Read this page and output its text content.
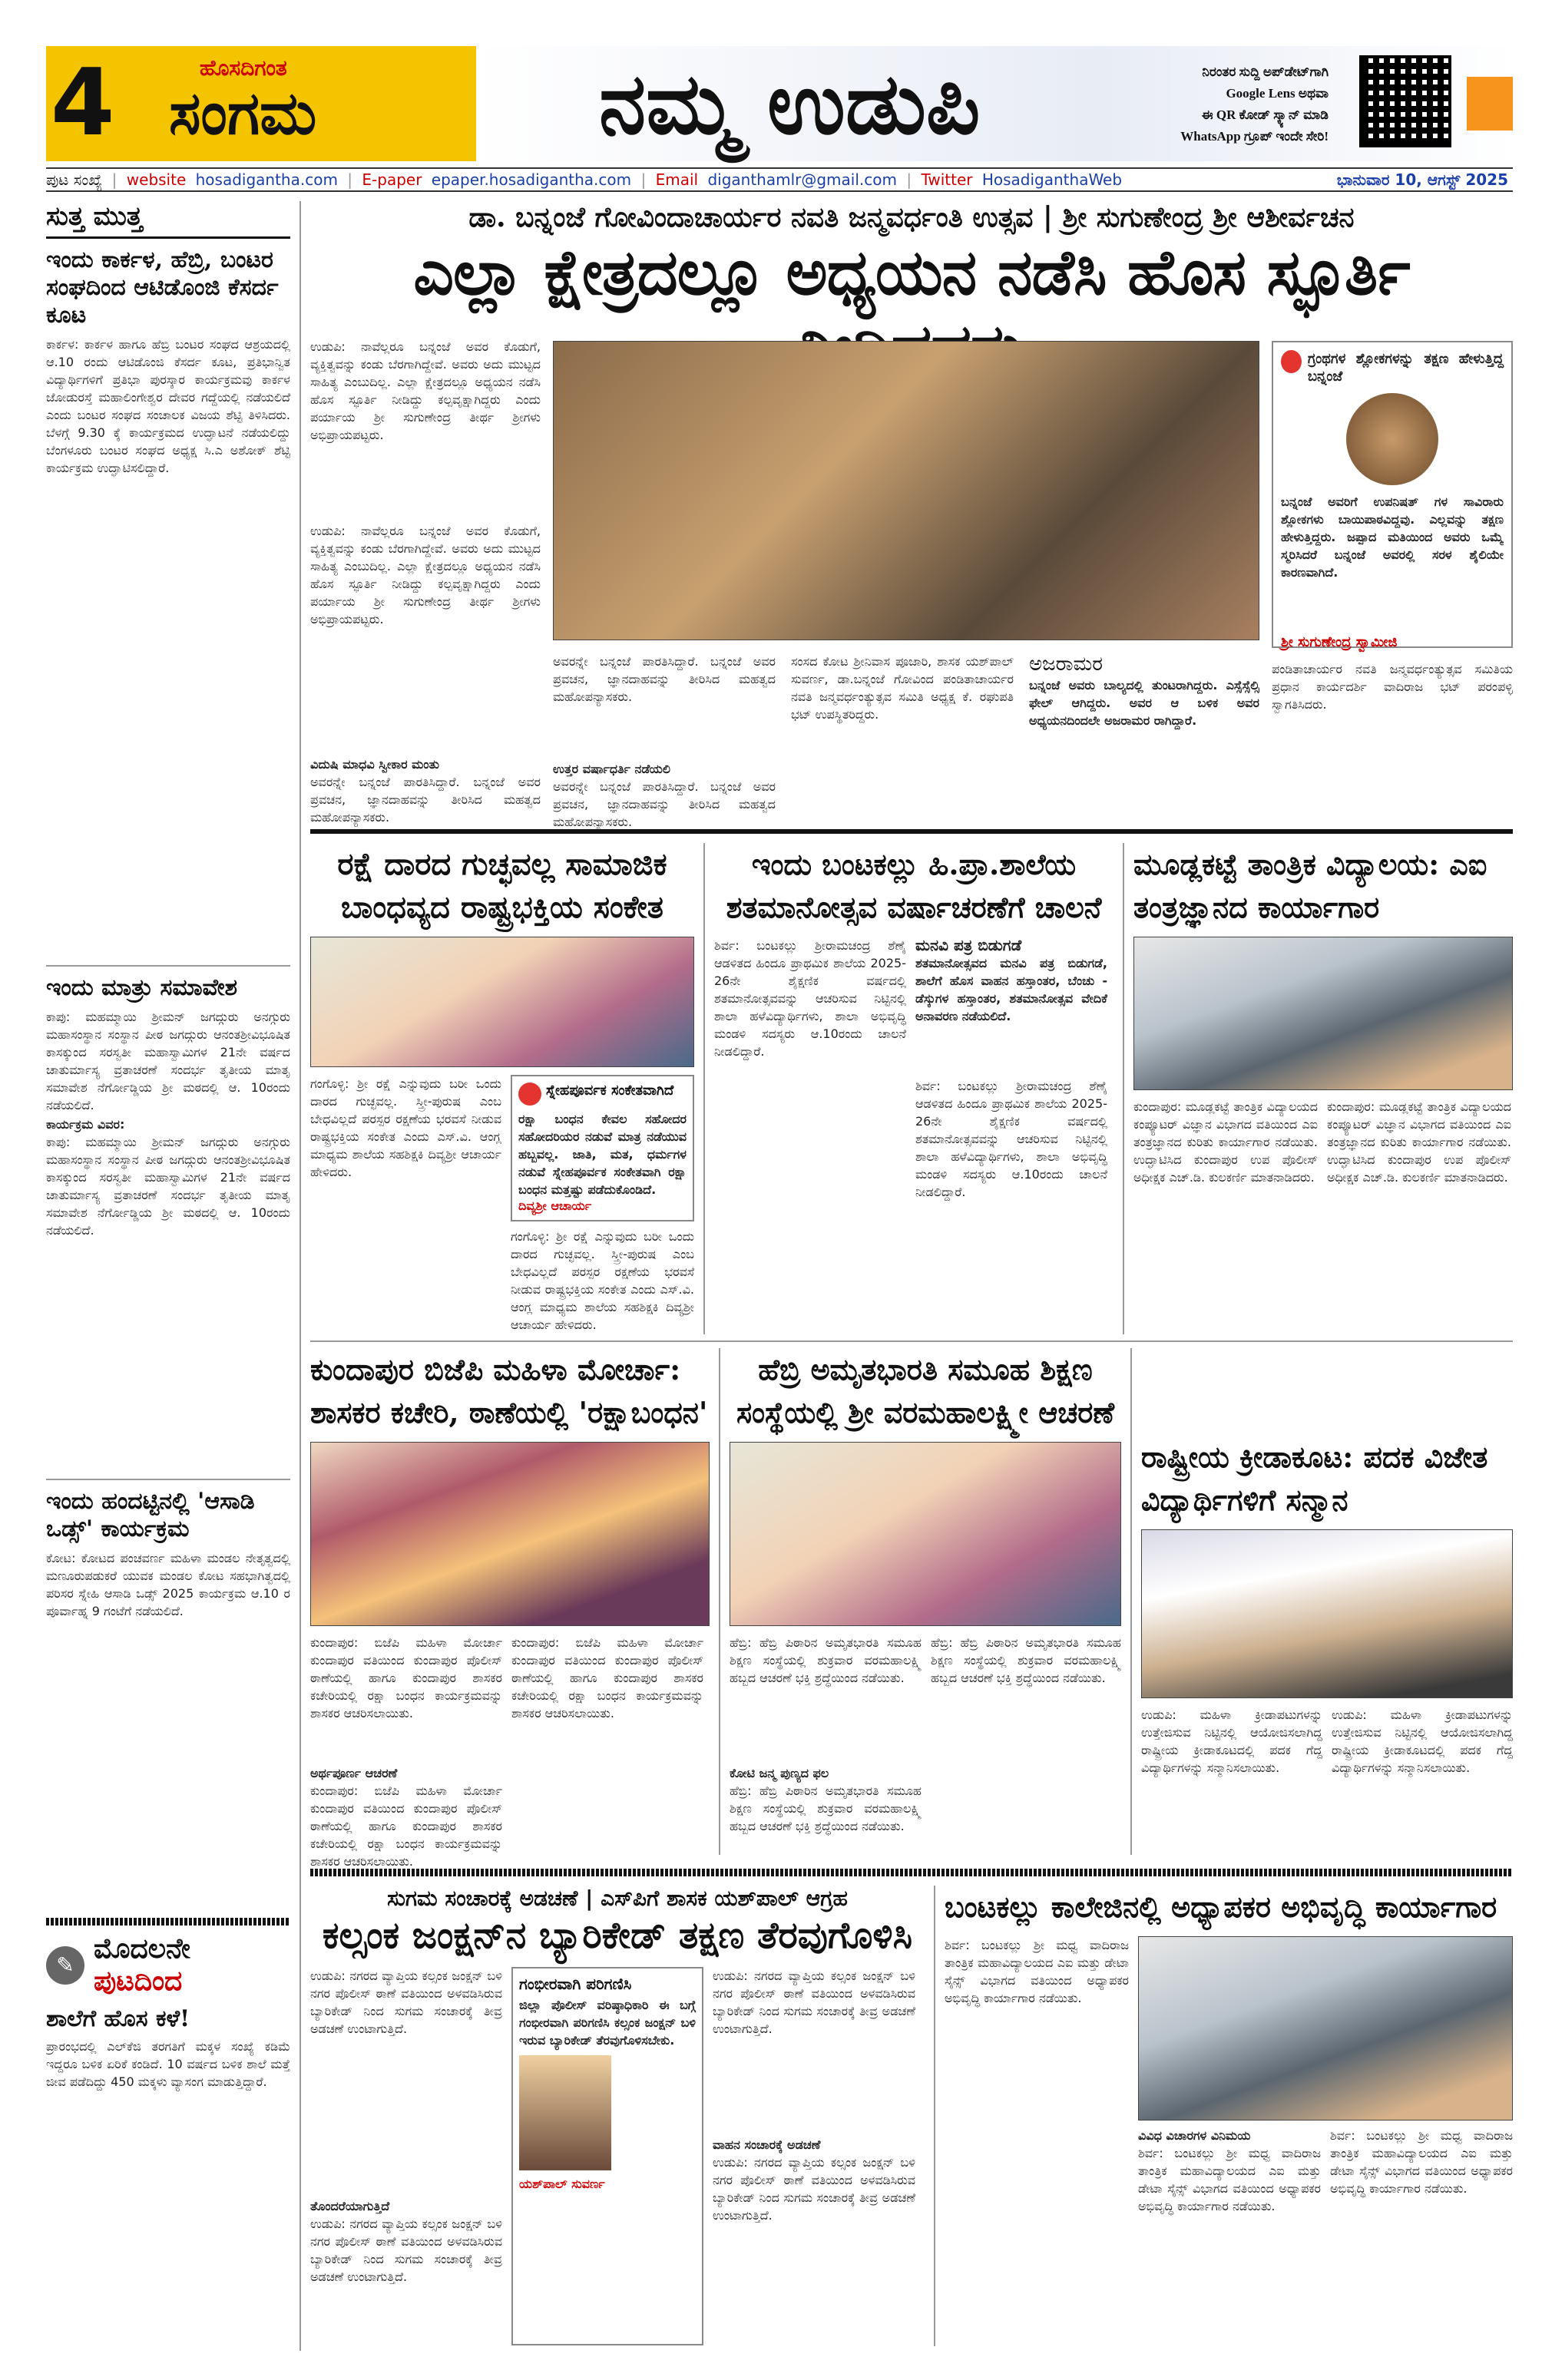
4	ಹೊಸದಿಗಂತ
ಸಂಗಮ	ನಮ್ಮ ಉಡುಪಿ	ನಿರಂತರ ಸುದ್ದಿ ಅಪ್‌ಡೇಟ್‌ಗಾಗಿ
Google Lens ಅಥವಾ
ಈ QR ಕೋಡ್ ಸ್ಕ್ಯಾನ್ ಮಾಡಿ
WhatsApp ಗ್ರೂಪ್ ಇಂದೇ ಸೇರಿ!
ಪುಟ ಸಂಖ್ಯೆ | website hosadigantha.com | E-paper epaper.hosadigantha.com | Email diganthamlr@gmail.com | Twitter HosadiganthaWeb	ಭಾನುವಾರ 10, ಆಗಸ್ಟ್ 2025
ಸುತ್ತ ಮುತ್ತ
ಇಂದು ಕಾರ್ಕಳ, ಹೆಬ್ರಿ, ಬಂಟರ ಸಂಘದಿಂದ ಆಟಿಡೊಂಜಿ ಕೆಸರ್ದ ಕೂಟ

ಕಾರ್ಕಳ: ಕಾರ್ಕಳ ಹಾಗೂ ಹೆಬ್ರಿ ಬಂಟರ ಸಂಘದ ಆಶ್ರಯದಲ್ಲಿ ಆ.10 ರಂದು ಆಟಿಡೊಂಜಿ ಕೆಸರ್ದ ಕೂಟ, ಪ್ರತಿಭಾನ್ವಿತ ವಿದ್ಯಾರ್ಥಿಗಳಿಗೆ ಪ್ರತಿಭಾ ಪುರಸ್ಕಾರ ಕಾರ್ಯಕ್ರಮವು ಕಾರ್ಕಳ ಜೋಡುರಸ್ತೆ ಮಹಾಲಿಂಗೇಶ್ವರ ದೇವರ ಗದ್ದೆಯಲ್ಲಿ ನಡೆಯಲಿದೆ ಎಂದು ಬಂಟರ ಸಂಘದ ಸಂಚಾಲಕ ವಿಜಯ ಶೆಟ್ಟಿ ತಿಳಿಸಿದರು. ಬೆಳಗ್ಗೆ 9.30 ಕ್ಕೆ ಕಾರ್ಯಕ್ರಮದ ಉದ್ಘಾಟನೆ ನಡೆಯಲಿದ್ದು ಬೆಂಗಳೂರು ಬಂಟರ ಸಂಘದ ಅಧ್ಯಕ್ಷ ಸಿ.ಎ ಅಶೋಕ್ ಶೆಟ್ಟಿ ಕಾರ್ಯಕ್ರಮ ಉದ್ಘಾಟಿಸಲಿದ್ದಾರೆ.

ಇಂದು ಮಾತ್ರು ಸಮಾವೇಶ

ಕಾಪು: ಮಹಮ್ಮಾಯಿ ಶ್ರೀಮನ್ ಜಗದ್ಗುರು ಅನಗ್ಗುರು ಮಹಾಸಂಸ್ಥಾನ ಸಂಸ್ಥಾನ ಪೀಠ ಜಗದ್ಗುರು ಆನಂತಶ್ರೀವಿಭೂಷಿತ ಕಾಸಕ್ಕುಂದ ಸರಸ್ವತೀ ಮಹಾಸ್ವಾಮಿಗಳ 21ನೇ ವರ್ಷದ ಚಾತುರ್ಮಾಸ್ಯ ವ್ರತಾಚರಣೆ ಸಂದರ್ಭ ತೃತೀಯ ಮಾತೃ ಸಮಾವೇಶ ನೆರ್ಗೋಡ್ಡಿಯ ಶ್ರೀ ಮಠದಲ್ಲಿ ಆ. 10ರಂದು ನಡೆಯಲಿದೆ.

ಕಾರ್ಯಕ್ರಮ ವಿವರ:

ಕಾಪು: ಮಹಮ್ಮಾಯಿ ಶ್ರೀಮನ್ ಜಗದ್ಗುರು ಅನಗ್ಗುರು ಮಹಾಸಂಸ್ಥಾನ ಸಂಸ್ಥಾನ ಪೀಠ ಜಗದ್ಗುರು ಆನಂತಶ್ರೀವಿಭೂಷಿತ ಕಾಸಕ್ಕುಂದ ಸರಸ್ವತೀ ಮಹಾಸ್ವಾಮಿಗಳ 21ನೇ ವರ್ಷದ ಚಾತುರ್ಮಾಸ್ಯ ವ್ರತಾಚರಣೆ ಸಂದರ್ಭ ತೃತೀಯ ಮಾತೃ ಸಮಾವೇಶ ನೆರ್ಗೋಡ್ಡಿಯ ಶ್ರೀ ಮಠದಲ್ಲಿ ಆ. 10ರಂದು ನಡೆಯಲಿದೆ.

ಇಂದು ಹಂದಟ್ಟಿನಲ್ಲಿ 'ಆಸಾಡಿ ಒಡ್ಸ್' ಕಾರ್ಯಕ್ರಮ

ಕೋಟ: ಕೋಟದ ಪಂಚವರ್ಣ ಮಹಿಳಾ ಮಂಡಲ ನೇತೃತ್ವದಲ್ಲಿ ಮಣೂರುಪಡುಕರೆ ಯುವಕ ಮಂಡಲ ಕೋಟ ಸಹಭಾಗಿತ್ವದಲ್ಲಿ ಪರಿಸರ ಸ್ನೇಹಿ ಆಸಾಡಿ ಒಡ್ಸ್ 2025 ಕಾರ್ಯಕ್ರಮ ಆ.10 ರ ಪೂರ್ವಾಹ್ನ 9 ಗಂಟೆಗೆ ನಡೆಯಲಿದೆ.

✎
ಮೊದಲನೇ
ಪುಟದಿಂದ
ಶಾಲೆಗೆ ಹೊಸ ಕಳೆ!

ಪ್ರಾರಂಭದಲ್ಲಿ ಎಲ್‌ಕೆಜಿ ತರಗತಿಗೆ ಮಕ್ಕಳ ಸಂಖ್ಯೆ ಕಡಿಮೆ ಇದ್ದರೂ ಬಳಿಕ ಏರಿಕೆ ಕಂಡಿದೆ. 10 ವರ್ಷದ ಬಳಿಕ ಶಾಲೆ ಮತ್ತೆ ಜೀವ ಪಡೆದಿದ್ದು 450 ಮಕ್ಕಳು ವ್ಯಾಸಂಗ ಮಾಡುತ್ತಿದ್ದಾರೆ.

ಡಾ. ಬನ್ನಂಜೆ ಗೋವಿಂದಾಚಾರ್ಯರ ನವತಿ ಜನ್ಮವರ್ಧಂತಿ ಉತ್ಸವ | ಶ್ರೀ ಸುಗುಣೇಂದ್ರ ಶ್ರೀ ಆಶೀರ್ವಚನ
ಎಲ್ಲಾ ಕ್ಷೇತ್ರದಲ್ಲೂ ಅಧ್ಯಯನ ನಡೆಸಿ ಹೊಸ ಸ್ಫೂರ್ತಿ

ಉಡುಪಿ: ನಾವೆಲ್ಲರೂ ಬನ್ನಂಜೆ ಅವರ ಕೊಡುಗೆ, ವ್ಯಕ್ತಿತ್ವವನ್ನು ಕಂಡು ಬೆರಗಾಗಿದ್ದೇವೆ. ಅವರು ಅದು ಮುಟ್ಟದ ಸಾಹಿತ್ಯ ಎಂಬುದಿಲ್ಲ. ಎಲ್ಲಾ ಕ್ಷೇತ್ರದಲ್ಲೂ ಅಧ್ಯಯನ ನಡೆಸಿ ಹೊಸ ಸ್ಫೂರ್ತಿ ನೀಡಿದ್ದು ಕಲ್ಪವೃಕ್ಷಾಗಿದ್ದರು ಎಂದು ಪರ್ಯಾಯ ಶ್ರೀ ಸುಗುಣೇಂದ್ರ ತೀರ್ಥ ಶ್ರೀಗಳು ಅಭಿಪ್ರಾಯಪಟ್ಟರು.

ಉಡುಪಿ: ನಾವೆಲ್ಲರೂ ಬನ್ನಂಜೆ ಅವರ ಕೊಡುಗೆ, ವ್ಯಕ್ತಿತ್ವವನ್ನು ಕಂಡು ಬೆರಗಾಗಿದ್ದೇವೆ. ಅವರು ಅದು ಮುಟ್ಟದ ಸಾಹಿತ್ಯ ಎಂಬುದಿಲ್ಲ. ಎಲ್ಲಾ ಕ್ಷೇತ್ರದಲ್ಲೂ ಅಧ್ಯಯನ ನಡೆಸಿ ಹೊಸ ಸ್ಫೂರ್ತಿ ನೀಡಿದ್ದು ಕಲ್ಪವೃಕ್ಷಾಗಿದ್ದರು ಎಂದು ಪರ್ಯಾಯ ಶ್ರೀ ಸುಗುಣೇಂದ್ರ ತೀರ್ಥ ಶ್ರೀಗಳು ಅಭಿಪ್ರಾಯಪಟ್ಟರು.

ವಿದುಷಿ ಮಾಧವಿ ಸ್ವೀಕಾರ ಮಂತು

ಅವರನ್ನೇ ಬನ್ನಂಜೆ ಪಾರತಿಸಿದ್ದಾರೆ. ಬನ್ನಂಜೆ ಅವರ ಪ್ರವಚನ, ಜ್ಞಾನದಾಹವನ್ನು ತೀರಿಸಿದ ಮಹತ್ವದ ಮಹೋಪನ್ಯಾಸಕರು.

ಅವರನ್ನೇ ಬನ್ನಂಜೆ ಪಾರತಿಸಿದ್ದಾರೆ. ಬನ್ನಂಜೆ ಅವರ ಪ್ರವಚನ, ಜ್ಞಾನದಾಹವನ್ನು ತೀರಿಸಿದ ಮಹತ್ವದ ಮಹೋಪನ್ಯಾಸಕರು.

ಉತ್ತರ ವರ್ಷಾಧರ್ತಿ ನಡೆಯಲಿ

ಅವರನ್ನೇ ಬನ್ನಂಜೆ ಪಾರತಿಸಿದ್ದಾರೆ. ಬನ್ನಂಜೆ ಅವರ ಪ್ರವಚನ, ಜ್ಞಾನದಾಹವನ್ನು ತೀರಿಸಿದ ಮಹತ್ವದ ಮಹೋಪನ್ಯಾಸಕರು.

ಸಂಸದ ಕೋಟ ಶ್ರೀನಿವಾಸ ಪೂಜಾರಿ, ಶಾಸಕ ಯಶ್‌ಪಾಲ್ ಸುವರ್ಣ, ಡಾ.ಬನ್ನಂಜೆ ಗೋವಿಂದ ಪಂಡಿತಾಚಾರ್ಯರ ನವತಿ ಜನ್ಮವರ್ಧಂತ್ಯುತ್ಸವ ಸಮಿತಿ ಅಧ್ಯಕ್ಷ ಕೆ. ರಘುಪತಿ ಭಟ್ ಉಪಸ್ಥಿತರಿದ್ದರು.

ಅಜರಾಮರ

ಬನ್ನಂಜೆ ಅವರು ಬಾಲ್ಯದಲ್ಲಿ ತುಂಟರಾಗಿದ್ದರು. ಎಸ್ಸೆಸ್ಸೆಲ್ಸಿ ಫೇಲ್ ಆಗಿದ್ದರು. ಅವರ ಆ ಬಳಿಕ ಅವರ ಅಧ್ಯಯನದಿಂದಲೇ ಅಜರಾಮರ ರಾಗಿದ್ದಾರೆ.

ಗ್ರಂಥಗಳ ಶ್ಲೋಕಗಳನ್ನು ತಕ್ಷಣ ಹೇಳುತ್ತಿದ್ದ ಬನ್ನಂಜೆ

ಬನ್ನಂಜೆ ಅವರಿಗೆ ಉಪನಿಷತ್ ಗಳ ಸಾವಿರಾರು ಶ್ಲೋಕಗಳು ಬಾಯಿಪಾಠವಿದ್ದವು. ಎಲ್ಲವನ್ನು ತಕ್ಷಣ ಹೇಳುತ್ತಿದ್ದರು. ಜಪ್ಪಾದ ಮತಿಯಿಂದ ಅವರು ಒಮ್ಮೆ ಸ್ಮರಿಸಿದರೆ ಬನ್ನಂಜೆ ಅವರಲ್ಲಿ ಸರಳ ಶೈಲಿಯೇ ಕಾರಣವಾಗಿದೆ.

ಶ್ರೀ ಸುಗುಣೇಂದ್ರ ಸ್ವಾಮೀಜಿ

ಪಂಡಿತಾಚಾರ್ಯರ ನವತಿ ಜನ್ಮವರ್ಧಂತ್ಯುತ್ಸವ ಸಮಿತಿಯ ಪ್ರಧಾನ ಕಾರ್ಯದರ್ಶಿ ವಾದಿರಾಜ ಭಟ್ ಪರಂಪಳ್ಳಿ ಸ್ವಾಗತಿಸಿದರು.

ರಕ್ಷೆ ದಾರದ ಗುಚ್ಛವಲ್ಲ ಸಾಮಾಜಿಕ ಬಾಂಧವ್ಯದ ರಾಷ್ಟ್ರಭಕ್ತಿಯ ಸಂಕೇತ

ಗಂಗೊಳ್ಳಿ: ಶ್ರೀ ರಕ್ಷೆ ಎನ್ನುವುದು ಬರೀ ಒಂದು ದಾರದ ಗುಚ್ಛವಲ್ಲ. ಸ್ತ್ರೀ-ಪುರುಷ ಎಂಬ ಬೇಧವಿಲ್ಲದೆ ಪರಸ್ಪರ ರಕ್ಷಣೆಯ ಭರವಸೆ ನೀಡುವ ರಾಷ್ಟ್ರಭಕ್ತಿಯ ಸಂಕೇತ ಎಂದು ಎಸ್.ವಿ. ಆಂಗ್ಲ ಮಾಧ್ಯಮ ಶಾಲೆಯ ಸಹಶಿಕ್ಷಕಿ ದಿವ್ಯಶ್ರೀ ಆಚಾರ್ಯ ಹೇಳಿದರು.

ಸ್ನೇಹಪೂರ್ವಕ ಸಂಕೇತವಾಗಿದೆ

ರಕ್ಷಾ ಬಂಧನ ಕೇವಲ ಸಹೋದರ ಸಹೋದರಿಯರ ನಡುವೆ ಮಾತ್ರ ನಡೆಯುವ ಹಬ್ಬವಲ್ಲ. ಜಾತಿ, ಮತ, ಧರ್ಮಗಳ ನಡುವೆ ಸ್ನೇಹಪೂರ್ವಕ ಸಂಕೇತವಾಗಿ ರಕ್ಷಾ ಬಂಧನ ಮತ್ತಷ್ಟು ಪಡೆದುಕೊಂಡಿದೆ.

ದಿವ್ಯಶ್ರೀ ಆಚಾರ್ಯ

ಗಂಗೊಳ್ಳಿ: ಶ್ರೀ ರಕ್ಷೆ ಎನ್ನುವುದು ಬರೀ ಒಂದು ದಾರದ ಗುಚ್ಛವಲ್ಲ. ಸ್ತ್ರೀ-ಪುರುಷ ಎಂಬ ಬೇಧವಿಲ್ಲದೆ ಪರಸ್ಪರ ರಕ್ಷಣೆಯ ಭರವಸೆ ನೀಡುವ ರಾಷ್ಟ್ರಭಕ್ತಿಯ ಸಂಕೇತ ಎಂದು ಎಸ್.ವಿ. ಆಂಗ್ಲ ಮಾಧ್ಯಮ ಶಾಲೆಯ ಸಹಶಿಕ್ಷಕಿ ದಿವ್ಯಶ್ರೀ ಆಚಾರ್ಯ ಹೇಳಿದರು.

ಇಂದು ಬಂಟಕಲ್ಲು ಹಿ.ಪ್ರಾ.ಶಾಲೆಯ ಶತಮಾನೋತ್ಸವ ವರ್ಷಾಚರಣೆಗೆ ಚಾಲನೆ

ಶಿರ್ವ: ಬಂಟಕಲ್ಲು ಶ್ರೀರಾಮಚಂದ್ರ ಶೆಣೈ ಆಡಳಿತದ ಹಿಂದೂ ಪ್ರಾಥಮಿಕ ಶಾಲೆಯ 2025-26ನೇ ಶೈಕ್ಷಣಿಕ ವರ್ಷದಲ್ಲಿ ಶತಮಾನೋತ್ಸವವನ್ನು ಆಚರಿಸುವ ನಿಟ್ಟಿನಲ್ಲಿ ಶಾಲಾ ಹಳೆವಿದ್ಯಾರ್ಥಿಗಳು, ಶಾಲಾ ಅಭಿವೃದ್ಧಿ ಮಂಡಳಿ ಸದಸ್ಯರು ಆ.10ರಂದು ಚಾಲನೆ ನೀಡಲಿದ್ದಾರೆ.

ಮನವಿ ಪತ್ರ ಬಿಡುಗಡೆ

ಶತಮಾನೋತ್ಸವದ ಮನವಿ ಪತ್ರ ಬಿಡುಗಡೆ, ಶಾಲೆಗೆ ಹೊಸ ವಾಹನ ಹಸ್ತಾಂತರ, ಬೆಂಚು - ಡೆಸ್ಕುಗಳ ಹಸ್ತಾಂತರ, ಶತಮಾನೋತ್ಸವ ವೇದಿಕೆ ಅನಾವರಣ ನಡೆಯಲಿದೆ.

ಶಿರ್ವ: ಬಂಟಕಲ್ಲು ಶ್ರೀರಾಮಚಂದ್ರ ಶೆಣೈ ಆಡಳಿತದ ಹಿಂದೂ ಪ್ರಾಥಮಿಕ ಶಾಲೆಯ 2025-26ನೇ ಶೈಕ್ಷಣಿಕ ವರ್ಷದಲ್ಲಿ ಶತಮಾನೋತ್ಸವವನ್ನು ಆಚರಿಸುವ ನಿಟ್ಟಿನಲ್ಲಿ ಶಾಲಾ ಹಳೆವಿದ್ಯಾರ್ಥಿಗಳು, ಶಾಲಾ ಅಭಿವೃದ್ಧಿ ಮಂಡಳಿ ಸದಸ್ಯರು ಆ.10ರಂದು ಚಾಲನೆ ನೀಡಲಿದ್ದಾರೆ.

ಮೂಡ್ಲಕಟ್ಟೆ ತಾಂತ್ರಿಕ ವಿದ್ಯಾಲಯ: ಎಐ ತಂತ್ರಜ್ಞಾನದ ಕಾರ್ಯಾಗಾರ

ಕುಂದಾಪುರ: ಮೂಡ್ಲಕಟ್ಟೆ ತಾಂತ್ರಿಕ ವಿದ್ಯಾಲಯದ ಕಂಪ್ಯೂಟರ್ ವಿಜ್ಞಾನ ವಿಭಾಗದ ವತಿಯಿಂದ ಎಐ ತಂತ್ರಜ್ಞಾನದ ಕುರಿತು ಕಾರ್ಯಾಗಾರ ನಡೆಯಿತು. ಉದ್ಘಾಟಿಸಿದ ಕುಂದಾಪುರ ಉಪ ಪೊಲೀಸ್ ಅಧೀಕ್ಷಕ ಎಚ್.ಡಿ. ಕುಲಕರ್ಣಿ ಮಾತನಾಡಿದರು.

ಕುಂದಾಪುರ: ಮೂಡ್ಲಕಟ್ಟೆ ತಾಂತ್ರಿಕ ವಿದ್ಯಾಲಯದ ಕಂಪ್ಯೂಟರ್ ವಿಜ್ಞಾನ ವಿಭಾಗದ ವತಿಯಿಂದ ಎಐ ತಂತ್ರಜ್ಞಾನದ ಕುರಿತು ಕಾರ್ಯಾಗಾರ ನಡೆಯಿತು. ಉದ್ಘಾಟಿಸಿದ ಕುಂದಾಪುರ ಉಪ ಪೊಲೀಸ್ ಅಧೀಕ್ಷಕ ಎಚ್.ಡಿ. ಕುಲಕರ್ಣಿ ಮಾತನಾಡಿದರು.

ಕುಂದಾಪುರ ಬಿಜೆಪಿ ಮಹಿಳಾ ಮೋರ್ಚಾ: ಶಾಸಕರ ಕಚೇರಿ, ಠಾಣೆಯಲ್ಲಿ 'ರಕ್ಷಾಬಂಧನ'

ಕುಂದಾಪುರ: ಬಿಜೆಪಿ ಮಹಿಳಾ ಮೋರ್ಚಾ ಕುಂದಾಪುರ ವತಿಯಿಂದ ಕುಂದಾಪುರ ಪೊಲೀಸ್ ಠಾಣೆಯಲ್ಲಿ ಹಾಗೂ ಕುಂದಾಪುರ ಶಾಸಕರ ಕಚೇರಿಯಲ್ಲಿ ರಕ್ಷಾ ಬಂಧನ ಕಾರ್ಯಕ್ರಮವನ್ನು ಶಾಸಕರ ಆಚರಿಸಲಾಯಿತು.

ಅರ್ಥಪೂರ್ಣ ಆಚರಣೆ

ಕುಂದಾಪುರ: ಬಿಜೆಪಿ ಮಹಿಳಾ ಮೋರ್ಚಾ ಕುಂದಾಪುರ ವತಿಯಿಂದ ಕುಂದಾಪುರ ಪೊಲೀಸ್ ಠಾಣೆಯಲ್ಲಿ ಹಾಗೂ ಕುಂದಾಪುರ ಶಾಸಕರ ಕಚೇರಿಯಲ್ಲಿ ರಕ್ಷಾ ಬಂಧನ ಕಾರ್ಯಕ್ರಮವನ್ನು ಶಾಸಕರ ಆಚರಿಸಲಾಯಿತು.

ಕುಂದಾಪುರ: ಬಿಜೆಪಿ ಮಹಿಳಾ ಮೋರ್ಚಾ ಕುಂದಾಪುರ ವತಿಯಿಂದ ಕುಂದಾಪುರ ಪೊಲೀಸ್ ಠಾಣೆಯಲ್ಲಿ ಹಾಗೂ ಕುಂದಾಪುರ ಶಾಸಕರ ಕಚೇರಿಯಲ್ಲಿ ರಕ್ಷಾ ಬಂಧನ ಕಾರ್ಯಕ್ರಮವನ್ನು ಶಾಸಕರ ಆಚರಿಸಲಾಯಿತು.

ಹೆಬ್ರಿ ಅಮೃತಭಾರತಿ ಸಮೂಹ ಶಿಕ್ಷಣ ಸಂಸ್ಥೆಯಲ್ಲಿ ಶ್ರೀ ವರಮಹಾಲಕ್ಷ್ಮೀ ಆಚರಣೆ

ಹೆಬ್ರಿ: ಹೆಬ್ರಿ ಪಿಠಾರಿನ ಅಮೃತಭಾರತಿ ಸಮೂಹ ಶಿಕ್ಷಣ ಸಂಸ್ಥೆಯಲ್ಲಿ ಶುಕ್ರವಾರ ವರಮಹಾಲಕ್ಷ್ಮಿ ಹಬ್ಬದ ಆಚರಣೆ ಭಕ್ತಿ ಶ್ರದ್ಧೆಯಿಂದ ನಡೆಯಿತು.

ಕೋಟಿ ಜನ್ಮ ಪುಣ್ಯದ ಫಲ

ಹೆಬ್ರಿ: ಹೆಬ್ರಿ ಪಿಠಾರಿನ ಅಮೃತಭಾರತಿ ಸಮೂಹ ಶಿಕ್ಷಣ ಸಂಸ್ಥೆಯಲ್ಲಿ ಶುಕ್ರವಾರ ವರಮಹಾಲಕ್ಷ್ಮಿ ಹಬ್ಬದ ಆಚರಣೆ ಭಕ್ತಿ ಶ್ರದ್ಧೆಯಿಂದ ನಡೆಯಿತು.

ಹೆಬ್ರಿ: ಹೆಬ್ರಿ ಪಿಠಾರಿನ ಅಮೃತಭಾರತಿ ಸಮೂಹ ಶಿಕ್ಷಣ ಸಂಸ್ಥೆಯಲ್ಲಿ ಶುಕ್ರವಾರ ವರಮಹಾಲಕ್ಷ್ಮಿ ಹಬ್ಬದ ಆಚರಣೆ ಭಕ್ತಿ ಶ್ರದ್ಧೆಯಿಂದ ನಡೆಯಿತು.

ರಾಷ್ಟ್ರೀಯ ಕ್ರೀಡಾಕೂಟ: ಪದಕ ವಿಜೇತ ವಿದ್ಯಾರ್ಥಿಗಳಿಗೆ ಸನ್ಮಾನ

ಉಡುಪಿ: ಮಹಿಳಾ ಕ್ರೀಡಾಪಟುಗಳನ್ನು ಉತ್ತೇಜಿಸುವ ನಿಟ್ಟಿನಲ್ಲಿ ಆಯೋಜಿಸಲಾಗಿದ್ದ ರಾಷ್ಟ್ರೀಯ ಕ್ರೀಡಾಕೂಟದಲ್ಲಿ ಪದಕ ಗೆದ್ದ ವಿದ್ಯಾರ್ಥಿಗಳನ್ನು ಸನ್ಮಾನಿಸಲಾಯಿತು.

ಉಡುಪಿ: ಮಹಿಳಾ ಕ್ರೀಡಾಪಟುಗಳನ್ನು ಉತ್ತೇಜಿಸುವ ನಿಟ್ಟಿನಲ್ಲಿ ಆಯೋಜಿಸಲಾಗಿದ್ದ ರಾಷ್ಟ್ರೀಯ ಕ್ರೀಡಾಕೂಟದಲ್ಲಿ ಪದಕ ಗೆದ್ದ ವಿದ್ಯಾರ್ಥಿಗಳನ್ನು ಸನ್ಮಾನಿಸಲಾಯಿತು.

ಸುಗಮ ಸಂಚಾರಕ್ಕೆ ಅಡಚಣೆ | ಎಸ್‌ಪಿಗೆ ಶಾಸಕ ಯಶ್‌ಪಾಲ್ ಆಗ್ರಹ
ಕಲ್ಸಂಕ ಜಂಕ್ಷನ್‌ನ ಬ್ಯಾರಿಕೇಡ್ ತಕ್ಷಣ ತೆರವುಗೊಳಿಸಿ

ಉಡುಪಿ: ನಗರದ ವ್ಯಾಪ್ತಿಯ ಕಲ್ಸಂಕ ಜಂಕ್ಷನ್ ಬಳಿ ನಗರ ಪೊಲೀಸ್ ಠಾಣೆ ವತಿಯಿಂದ ಅಳವಡಿಸಿರುವ ಬ್ಯಾರಿಕೇಡ್ ನಿಂದ ಸುಗಮ ಸಂಚಾರಕ್ಕೆ ತೀವ್ರ ಅಡಚಣೆ ಉಂಟಾಗುತ್ತಿದೆ.

ತೊಂದರೆಯಾಗುತ್ತಿದೆ

ಉಡುಪಿ: ನಗರದ ವ್ಯಾಪ್ತಿಯ ಕಲ್ಸಂಕ ಜಂಕ್ಷನ್ ಬಳಿ ನಗರ ಪೊಲೀಸ್ ಠಾಣೆ ವತಿಯಿಂದ ಅಳವಡಿಸಿರುವ ಬ್ಯಾರಿಕೇಡ್ ನಿಂದ ಸುಗಮ ಸಂಚಾರಕ್ಕೆ ತೀವ್ರ ಅಡಚಣೆ ಉಂಟಾಗುತ್ತಿದೆ.

ಗಂಭೀರವಾಗಿ ಪರಿಗಣಿಸಿ

ಜಿಲ್ಲಾ ಪೊಲೀಸ್ ವರಿಷ್ಠಾಧಿಕಾರಿ ಈ ಬಗ್ಗೆ ಗಂಭೀರವಾಗಿ ಪರಿಗಣಿಸಿ ಕಲ್ಸಂಕ ಜಂಕ್ಷನ್ ಬಳಿ ಇರುವ ಬ್ಯಾರಿಕೇಡ್ ತೆರವುಗೊಳಿಸಬೇಕು.

ಯಶ್‌ಪಾಲ್ ಸುವರ್ಣ

ಉಡುಪಿ: ನಗರದ ವ್ಯಾಪ್ತಿಯ ಕಲ್ಸಂಕ ಜಂಕ್ಷನ್ ಬಳಿ ನಗರ ಪೊಲೀಸ್ ಠಾಣೆ ವತಿಯಿಂದ ಅಳವಡಿಸಿರುವ ಬ್ಯಾರಿಕೇಡ್ ನಿಂದ ಸುಗಮ ಸಂಚಾರಕ್ಕೆ ತೀವ್ರ ಅಡಚಣೆ ಉಂಟಾಗುತ್ತಿದೆ.

ವಾಹನ ಸಂಚಾರಕ್ಕೆ ಅಡಚಣೆ

ಉಡುಪಿ: ನಗರದ ವ್ಯಾಪ್ತಿಯ ಕಲ್ಸಂಕ ಜಂಕ್ಷನ್ ಬಳಿ ನಗರ ಪೊಲೀಸ್ ಠಾಣೆ ವತಿಯಿಂದ ಅಳವಡಿಸಿರುವ ಬ್ಯಾರಿಕೇಡ್ ನಿಂದ ಸುಗಮ ಸಂಚಾರಕ್ಕೆ ತೀವ್ರ ಅಡಚಣೆ ಉಂಟಾಗುತ್ತಿದೆ.

ಬಂಟಕಲ್ಲು ಕಾಲೇಜಿನಲ್ಲಿ ಅಧ್ಯಾಪಕರ ಅಭಿವೃದ್ಧಿ ಕಾರ್ಯಾಗಾರ

ಶಿರ್ವ: ಬಂಟಕಲ್ಲು ಶ್ರೀ ಮಧ್ವ ವಾದಿರಾಜ ತಾಂತ್ರಿಕ ಮಹಾವಿದ್ಯಾಲಯದ ಎಐ ಮತ್ತು ಡೇಟಾ ಸೈನ್ಸ್ ವಿಭಾಗದ ವತಿಯಿಂದ ಅಧ್ಯಾಪಕರ ಅಭಿವೃದ್ಧಿ ಕಾರ್ಯಾಗಾರ ನಡೆಯಿತು.

ವಿವಿಧ ವಿಚಾರಗಳ ವಿನಿಮಯ

ಶಿರ್ವ: ಬಂಟಕಲ್ಲು ಶ್ರೀ ಮಧ್ವ ವಾದಿರಾಜ ತಾಂತ್ರಿಕ ಮಹಾವಿದ್ಯಾಲಯದ ಎಐ ಮತ್ತು ಡೇಟಾ ಸೈನ್ಸ್ ವಿಭಾಗದ ವತಿಯಿಂದ ಅಧ್ಯಾಪಕರ ಅಭಿವೃದ್ಧಿ ಕಾರ್ಯಾಗಾರ ನಡೆಯಿತು.

ಶಿರ್ವ: ಬಂಟಕಲ್ಲು ಶ್ರೀ ಮಧ್ವ ವಾದಿರಾಜ ತಾಂತ್ರಿಕ ಮಹಾವಿದ್ಯಾಲಯದ ಎಐ ಮತ್ತು ಡೇಟಾ ಸೈನ್ಸ್ ವಿಭಾಗದ ವತಿಯಿಂದ ಅಧ್ಯಾಪಕರ ಅಭಿವೃದ್ಧಿ ಕಾರ್ಯಾಗಾರ ನಡೆಯಿತು.
